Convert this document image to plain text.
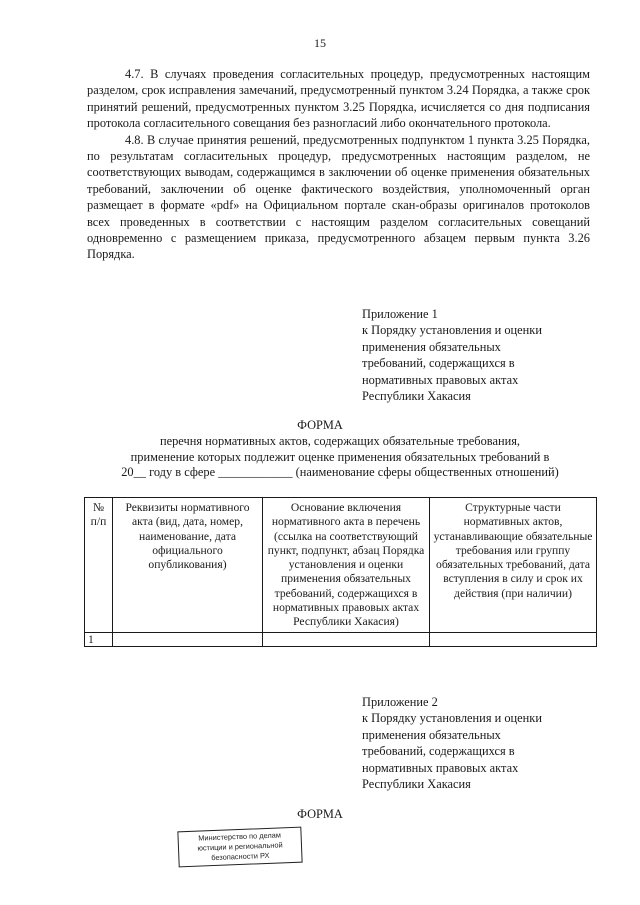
15

4.7. В случаях проведения согласительных процедур, предусмотренных настоящим разделом, срок исправления замечаний, предусмотренный пунктом 3.24 Порядка, а также срок принятий решений, предусмотренных пунктом 3.25 Порядка, исчисляется со дня подписания протокола согласительного совещания без разногласий либо окончательного протокола.

4.8. В случае принятия решений, предусмотренных подпунктом 1 пункта 3.25 Порядка, по результатам согласительных процедур, предусмотренных настоящим разделом, не соответствующих выводам, содержащимся в заключении об оценке применения обязательных требований, заключении об оценке фактического воздействия, уполномоченный орган размещает в формате «pdf» на Официальном портале скан-образы оригиналов протоколов всех проведенных в соответствии с настоящим разделом согласительных совещаний одновременно с размещением приказа, предусмотренного абзацем первым пункта 3.26 Порядка.

Приложение 1
к Порядку установления и оценки
применения обязательных
требований, содержащихся в
нормативных правовых актах
Республики Хакасия
ФОРМА
перечня нормативных актов, содержащих обязательные требования,
применение которых подлежит оценке применения обязательных требований в
20__ году в сфере ____________ (наименование сферы общественных отношений)
№ п/п	Реквизиты нормативного акта (вид, дата, номер, наименование, дата официального опубликования)	Основание включения нормативного акта в перечень (ссылка на соответствующий пункт, подпункт, абзац Порядка установления и оценки применения обязательных требований, содержащихся в нормативных правовых актах Республики Хакасия)	Структурные части нормативных актов, устанавливающие обязательные требования или группу обязательных требований, дата вступления в силу и срок их действия (при наличии)
1			
Приложение 2
к Порядку установления и оценки
применения обязательных
требований, содержащихся в
нормативных правовых актах
Республики Хакасия
ФОРМА
Министерство по делам
юстиции и региональной
безопасности РХ
